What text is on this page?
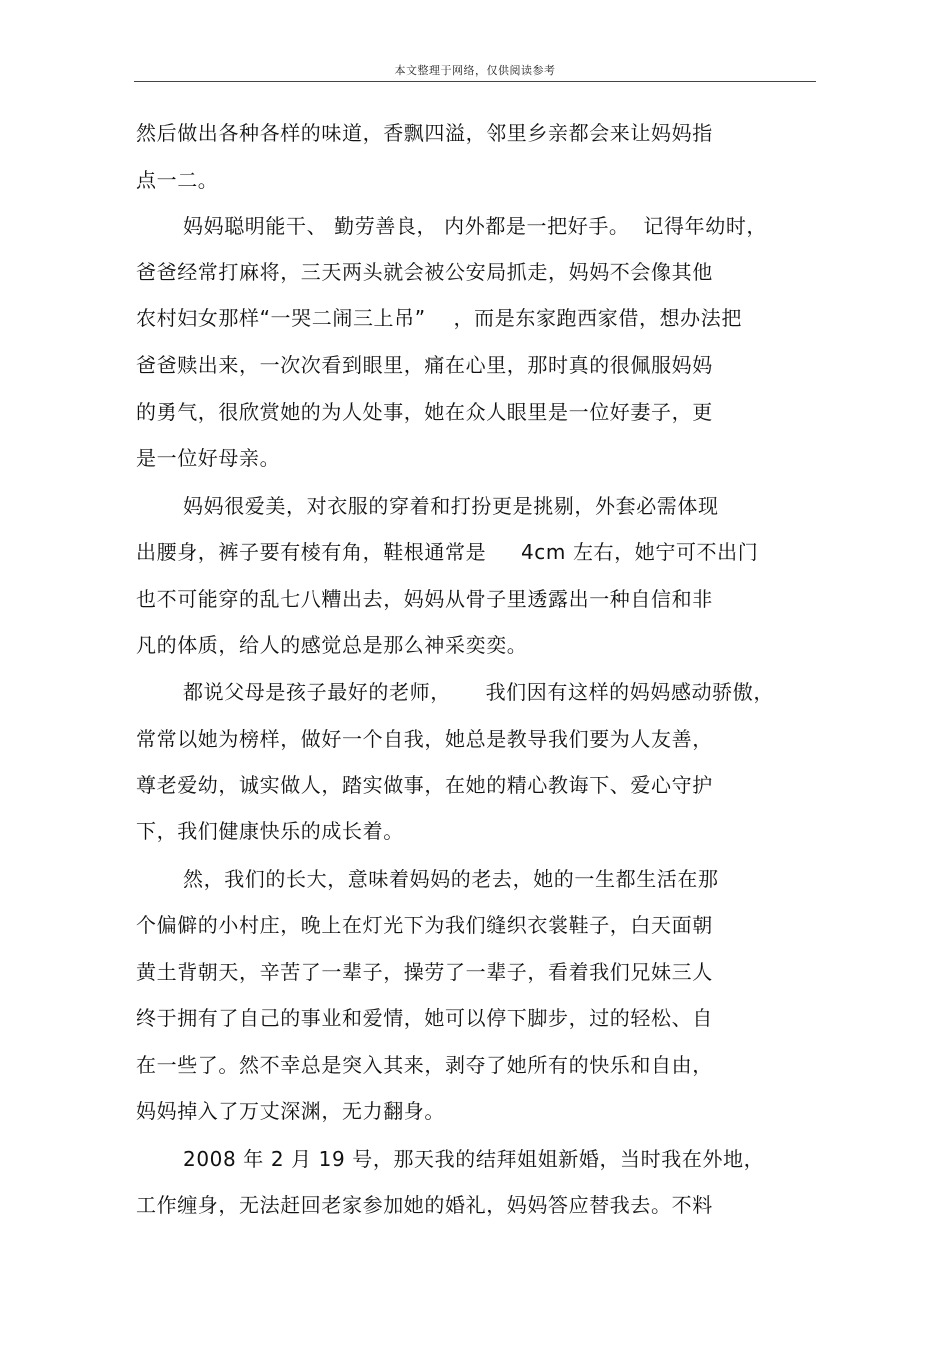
本文整理于网络，仅供阅读参考
然后做出各种各样的味道，香飘四溢，邻里乡亲都会来让妈妈指
点一二。
妈妈聪明能干、 勤劳善良， 内外都是一把好手。  记得年幼时，
爸爸经常打麻将，三天两头就会被公安局抓走，妈妈不会像其他
农村妇女那样“一哭二闹三上吊”    ，而是东家跑西家借，想办法把
爸爸赎出来，一次次看到眼里，痛在心里，那时真的很佩服妈妈
的勇气，很欣赏她的为人处事，她在众人眼里是一位好妻子，更
是一位好母亲。
妈妈很爱美，对衣服的穿着和打扮更是挑剔，外套必需体现
出腰身，裤子要有棱有角，鞋根通常是     4cm 左右，她宁可不出门
也不可能穿的乱七八糟出去，妈妈从骨子里透露出一种自信和非
凡的体质，给人的感觉总是那么神采奕奕。
都说父母是孩子最好的老师，     我们因有这样的妈妈感动骄傲，
常常以她为榜样，做好一个自我，她总是教导我们要为人友善，
尊老爱幼，诚实做人，踏实做事，在她的精心教诲下、爱心守护
下，我们健康快乐的成长着。
然，我们的长大，意味着妈妈的老去，她的一生都生活在那
个偏僻的小村庄，晚上在灯光下为我们缝织衣裳鞋子，白天面朝
黄土背朝天，辛苦了一辈子，操劳了一辈子，看着我们兄妹三人
终于拥有了自己的事业和爱情，她可以停下脚步，过的轻松、自
在一些了。然不幸总是突入其来，剥夺了她所有的快乐和自由，
妈妈掉入了万丈深渊，无力翻身。
2008 年 2 月 19 号，那天我的结拜姐姐新婚，当时我在外地，
工作缠身，无法赶回老家参加她的婚礼，妈妈答应替我去。不料
